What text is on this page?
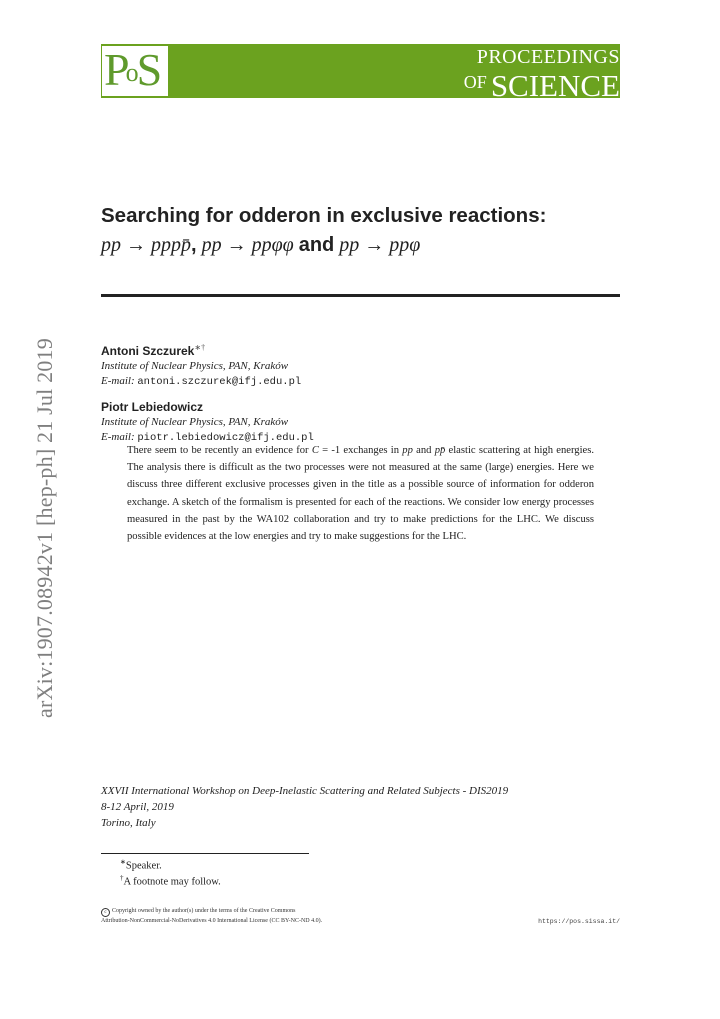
PoS	PROCEEDINGS
OF SCIENCE
Searching for odderon in exclusive reactions:
pp → pppp̄, pp → ppφφ and pp → ppφ
Antoni Szczurek∗†
Institute of Nuclear Physics, PAN, Kraków
E-mail: antoni.szczurek@ifj.edu.pl
Piotr Lebiedowicz
Institute of Nuclear Physics, PAN, Kraków
E-mail: piotr.lebiedowicz@ifj.edu.pl
There seem to be recently an evidence for C = -1 exchanges in pp and pp̄ elastic scattering at high energies. The analysis there is difficult as the two processes were not measured at the same (large) energies. Here we discuss three different exclusive processes given in the title as a possible source of information for odderon exchange. A sketch of the formalism is presented for each of the reactions. We consider low energy processes measured in the past by the WA102 collaboration and try to make predictions for the LHC. We discuss possible evidences at the low energies and try to make suggestions for the LHC.
arXiv:1907.08942v1 [hep-ph] 21 Jul 2019
XXVII International Workshop on Deep-Inelastic Scattering and Related Subjects - DIS2019
8-12 April, 2019
Torino, Italy
∗Speaker.
†A footnote may follow.
c Copyright owned by the author(s) under the terms of the Creative Commons
Attribution-NonCommercial-NoDerivatives 4.0 International License (CC BY-NC-ND 4.0).	https://pos.sissa.it/
